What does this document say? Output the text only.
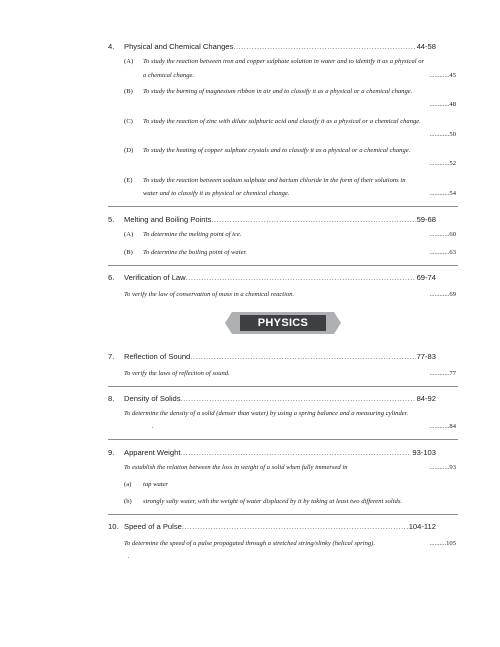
4. Physical and Chemical Changes .....	44-58
(A) To study the reaction between iron and copper sulphate solution in water and to identify it as a physical or
a chemical change.	............45
(B) To study the burning of magnesium ribbon in air and to classify it as a physical or a chemical change.
............48
(C) To study the reaction of zinc with dilute sulphuric acid and classify it as a physical or a chemical change.
............50
(D) To study the heating of copper sulphate crystals and to classify it as a physical or a chemical change.
............52
(E) To study the reaction between sodium sulphate and barium chloride in the form of their solutions in
water and to classify it as physical or chemical change.	............54
5. Melting and Boiling Points .....	59-68
(A) To determine the melting point of ice.	............60
(B) To determine the boiling point of water.	............63
6. Verification of Law .....	69-74
To verify the law of conservation of mass in a chemical reaction.	............69
PHYSICS
7. Reflection of Sound .....	77-83
To verify the laws of reflection of sound.	............77
8. Density of Solids .....	84-92
To determine the density of a solid (denser than water) by using a spring balance and a measuring cylinder.
.	............84
9. Apparent Weight .....	93-103
To establish the relation between the loss in weight of a solid when fully immersed in	............93
(a) tap water
(b) strongly salty water, with the weight of water displaced by it by taking at least two different solids.
10. Speed of a Pulse .....	104-112
To determine the speed of a pulse propagated through a stretched string/slinky (helical spring).	..........105
.
